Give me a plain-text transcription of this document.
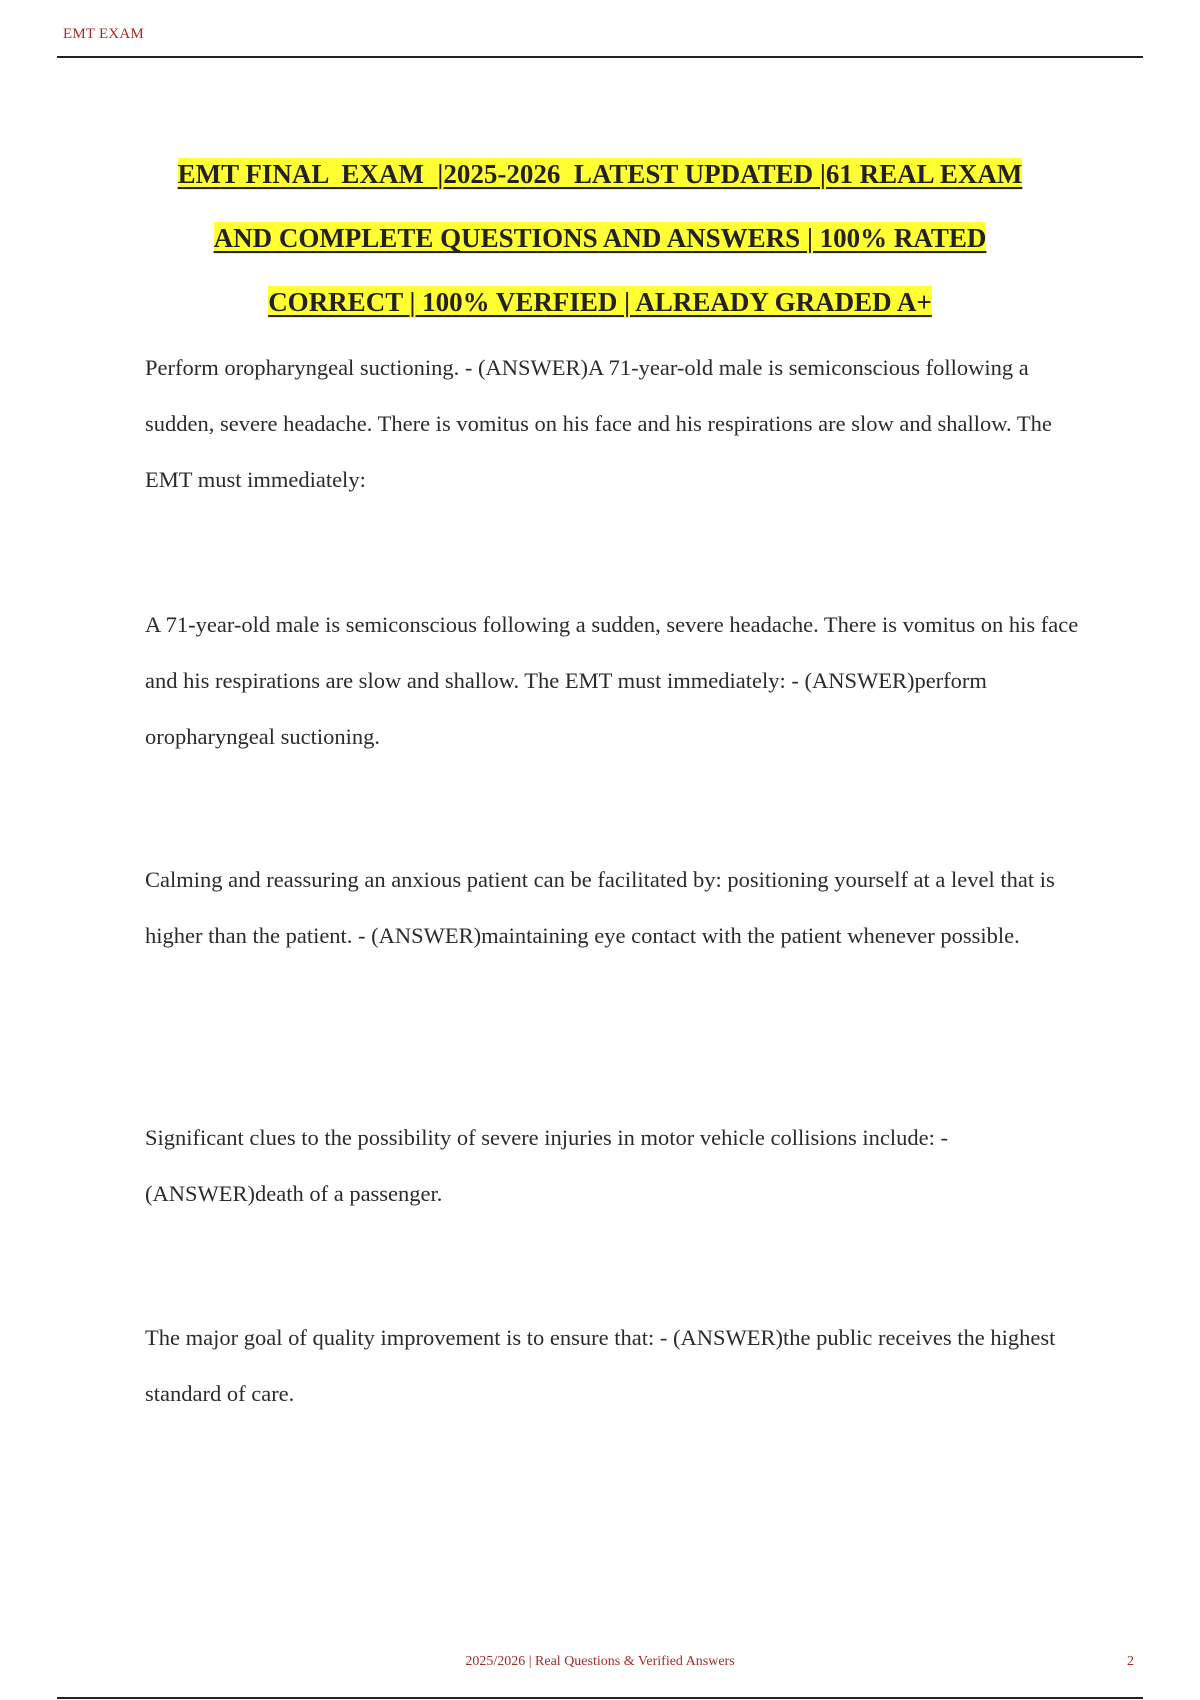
EMT EXAM
EMT FINAL  EXAM  |2025-2026  LATEST UPDATED |61 REAL EXAM
AND COMPLETE QUESTIONS AND ANSWERS | 100% RATED
CORRECT | 100% VERFIED | ALREADY GRADED A+

Perform oropharyngeal suctioning. - (ANSWER)A 71-year-old male is semiconscious following a sudden, severe headache. There is vomitus on his face and his respirations are slow and shallow. The EMT must immediately:

A 71-year-old male is semiconscious following a sudden, severe headache. There is vomitus on his face and his respirations are slow and shallow. The EMT must immediately: - (ANSWER)perform oropharyngeal suctioning.

Calming and reassuring an anxious patient can be facilitated by: positioning yourself at a level that is higher than the patient. - (ANSWER)maintaining eye contact with the patient whenever possible.

Significant clues to the possibility of severe injuries in motor vehicle collisions include: - (ANSWER)death of a passenger.

The major goal of quality improvement is to ensure that: - (ANSWER)the public receives the highest standard of care.

2025/2026 | Real Questions & Verified Answers	2
